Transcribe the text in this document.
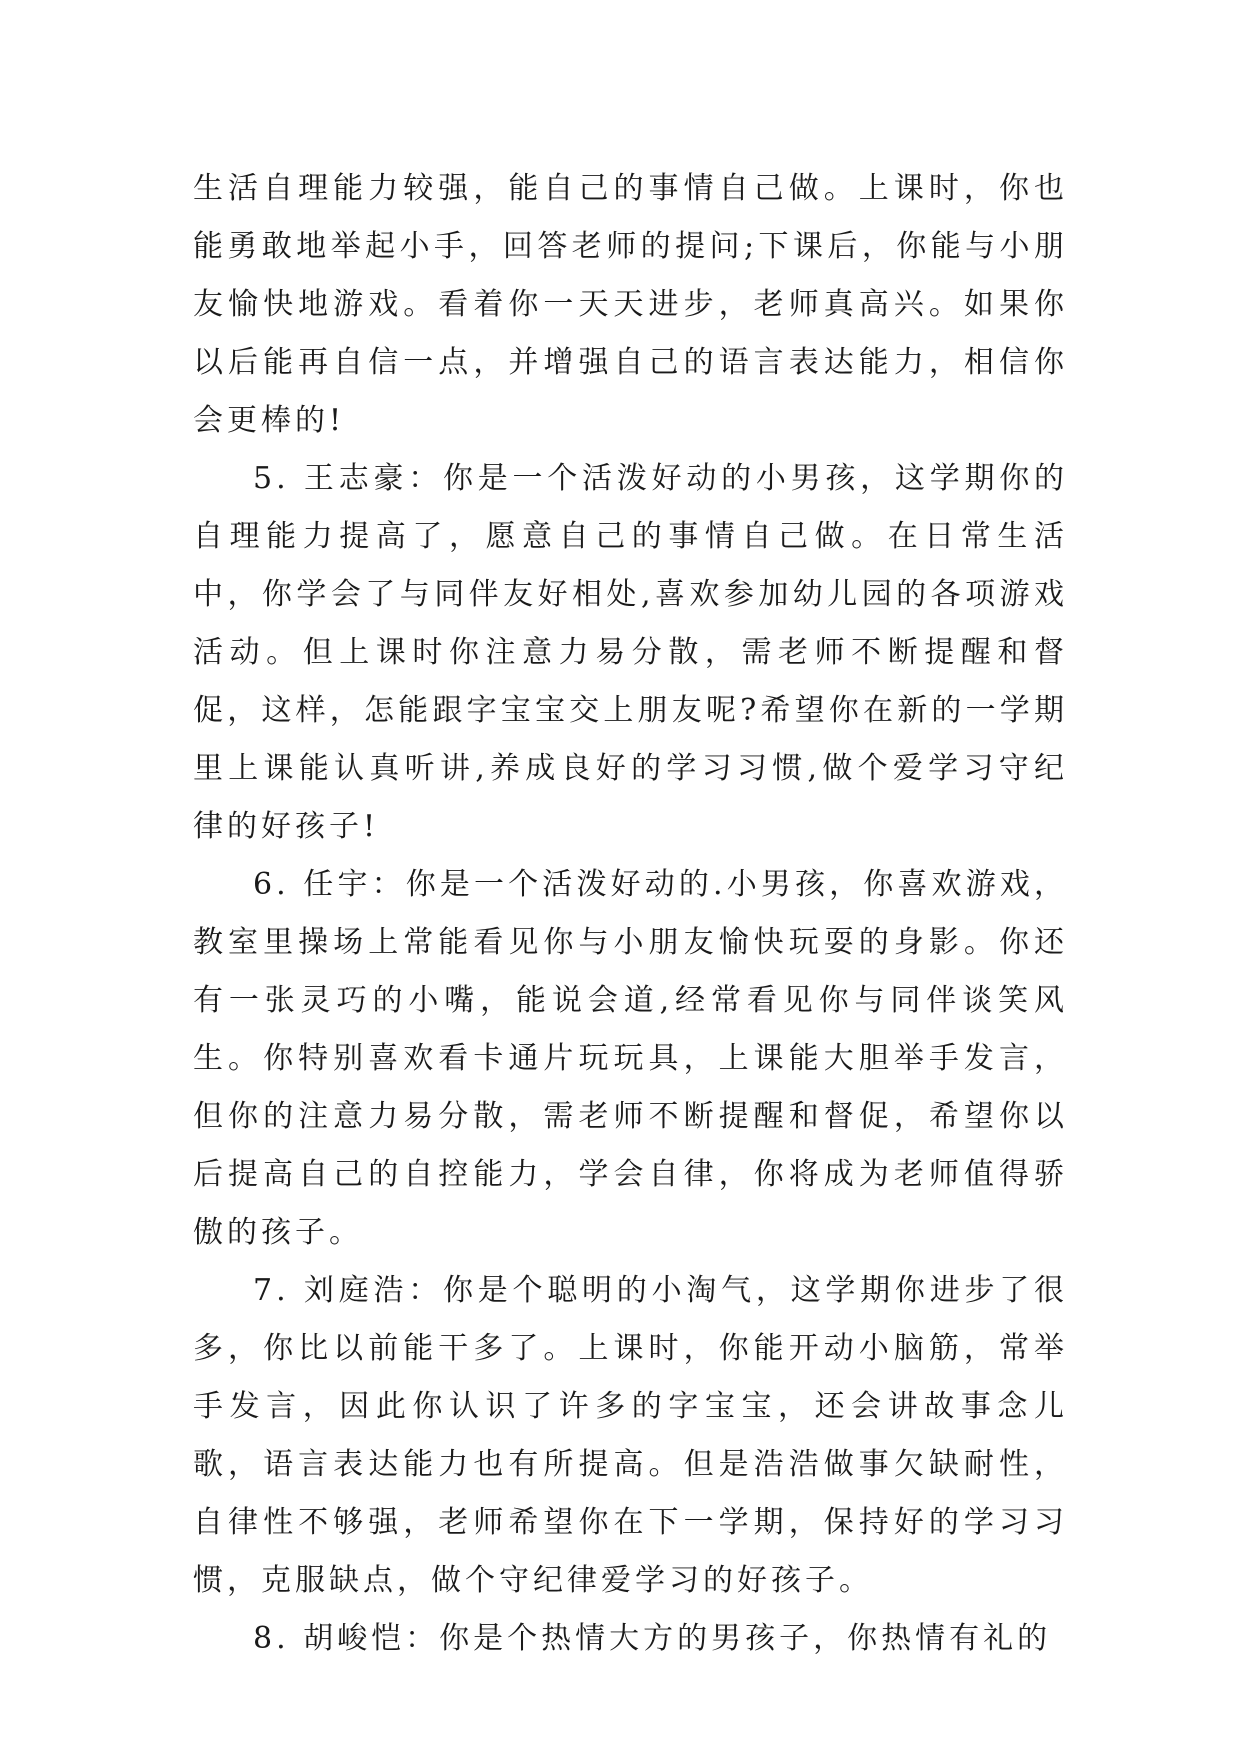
生活自理能力较强，能自己的事情自己做。上课时，你也能勇敢地举起小手，回答老师的提问;下课后，你能与小朋友愉快地游戏。看着你一天天进步，老师真高兴。如果你以后能再自信一点，并增强自己的语言表达能力，相信你会更棒的!

5. 王志豪：你是一个活泼好动的小男孩，这学期你的自理能力提高了，愿意自己的事情自己做。在日常生活中，你学会了与同伴友好相处,喜欢参加幼儿园的各项游戏活动。但上课时你注意力易分散，需老师不断提醒和督促，这样，怎能跟字宝宝交上朋友呢?希望你在新的一学期里上课能认真听讲,养成良好的学习习惯,做个爱学习守纪律的好孩子!

6. 任宇：你是一个活泼好动的.小男孩，你喜欢游戏，教室里操场上常能看见你与小朋友愉快玩耍的身影。你还有一张灵巧的小嘴，能说会道,经常看见你与同伴谈笑风生。你特别喜欢看卡通片玩玩具，上课能大胆举手发言，但你的注意力易分散，需老师不断提醒和督促，希望你以后提高自己的自控能力，学会自律，你将成为老师值得骄傲的孩子。

7. 刘庭浩：你是个聪明的小淘气，这学期你进步了很多，你比以前能干多了。上课时，你能开动小脑筋，常举手发言，因此你认识了许多的字宝宝，还会讲故事念儿歌，语言表达能力也有所提高。但是浩浩做事欠缺耐性，自律性不够强，老师希望你在下一学期，保持好的学习习惯，克服缺点，做个守纪律爱学习的好孩子。

8. 胡峻恺：你是个热情大方的男孩子，你热情有礼的
